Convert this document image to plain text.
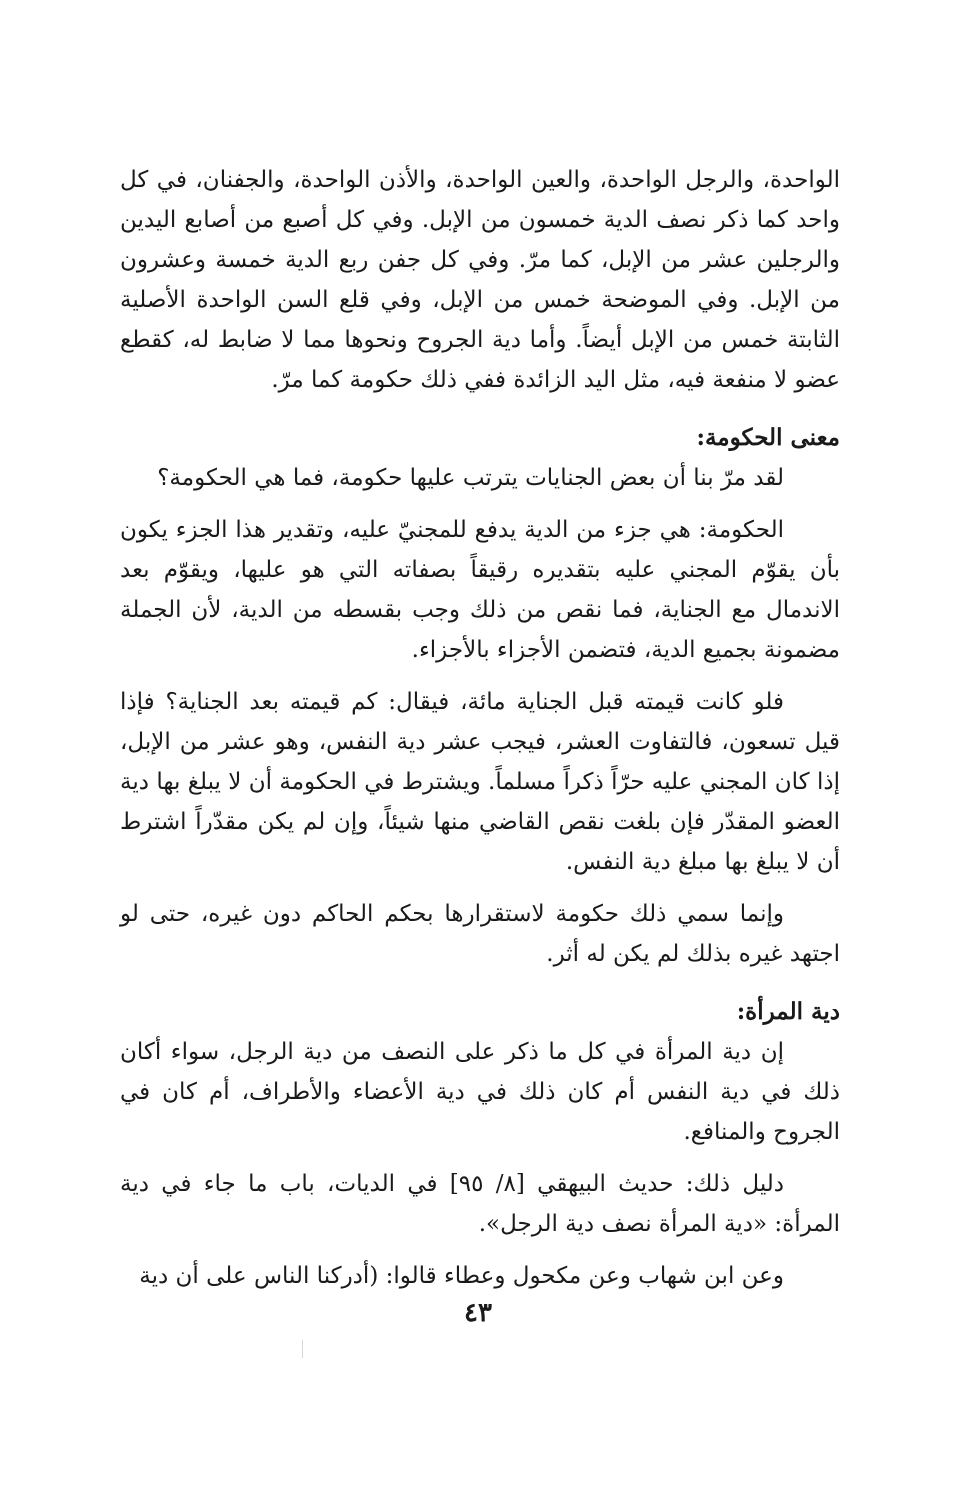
الواحدة، والرجل الواحدة، والعين الواحدة، والأذن الواحدة، والجفنان، في كل واحد كما ذكر نصف الدية خمسون من الإبل. وفي كل أصبع من أصابع اليدين والرجلين عشر من الإبل، كما مرّ. وفي كل جفن ربع الدية خمسة وعشرون من الإبل. وفي الموضحة خمس من الإبل، وفي قلع السن الواحدة الأصلية الثابتة خمس من الإبل أيضاً. وأما دية الجروح ونحوها مما لا ضابط له، كقطع عضو لا منفعة فيه، مثل اليد الزائدة ففي ذلك حكومة كما مرّ.

معنى الحكومة:

لقد مرّ بنا أن بعض الجنايات يترتب عليها حكومة، فما هي الحكومة؟

الحكومة: هي جزء من الدية يدفع للمجنيّ عليه، وتقدير هذا الجزء يكون بأن يقوّم المجني عليه بتقديره رقيقاً بصفاته التي هو عليها، ويقوّم بعد الاندمال مع الجناية، فما نقص من ذلك وجب بقسطه من الدية، لأن الجملة مضمونة بجميع الدية، فتضمن الأجزاء بالأجزاء.

فلو كانت قيمته قبل الجناية مائة، فيقال: كم قيمته بعد الجناية؟ فإذا قيل تسعون، فالتفاوت العشر، فيجب عشر دية النفس، وهو عشر من الإبل، إذا كان المجني عليه حرّاً ذكراً مسلماً. ويشترط في الحكومة أن لا يبلغ بها دية العضو المقدّر فإن بلغت نقص القاضي منها شيئاً، وإن لم يكن مقدّراً اشترط أن لا يبلغ بها مبلغ دية النفس.

وإنما سمي ذلك حكومة لاستقرارها بحكم الحاكم دون غيره، حتى لو اجتهد غيره بذلك لم يكن له أثر.

دية المرأة:

إن دية المرأة في كل ما ذكر على النصف من دية الرجل، سواء أكان ذلك في دية النفس أم كان ذلك في دية الأعضاء والأطراف، أم كان في الجروح والمنافع.

دليل ذلك: حديث البيهقي [٨/ ٩٥] في الديات، باب ما جاء في دية المرأة: «دية المرأة نصف دية الرجل».

وعن ابن شهاب وعن مكحول وعطاء قالوا: (أدركنا الناس على أن دية

٤٣
